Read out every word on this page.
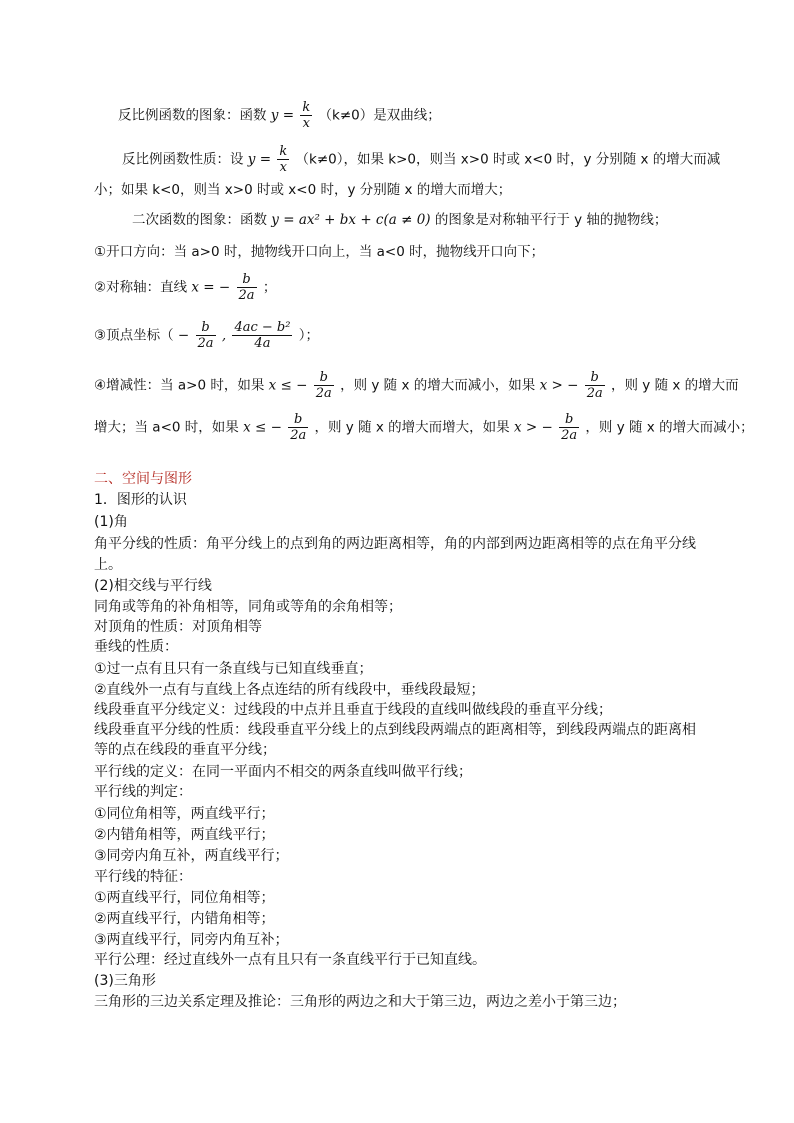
反比例函数的图象：函数 $y = \frac{k}{x} (k\ne 0)$是双曲线；
反比例函数性质：设 $y = \frac{k}{x} (k\ne 0)$，如果 k>0，则当 x>0 时或 x<0 时，y 分别随 x 的增大而减
小；如果 k<0，则当 x>0 时或 x<0 时，y 分别随 x 的增大而增大；
二次函数的图象：函数 y = ax² + bx + c(a ≠ 0) 的图象是对称轴平行于 y 轴的抛物线；
①开口方向：当 a>0 时，抛物线开口向上，当 a<0 时，抛物线开口向下；
②对称轴：直线 x = − $\frac{b}{2a}$ ；
③顶点坐标（ − $\frac{b}{2a}$ , $\frac{\text{4ac − b²}}{4a}$ ）；
④增减性：当 a>0 时，如果 x ≤ − $\frac{b}{2a}$ ，则 y 随 x 的增大而减小，如果 x > − $\frac{b}{2a}$ ，则 y 随 x 的增大而
增大；当 a<0 时，如果 x ≤ − $\frac{b}{2a}$ ，则 y 随 x 的增大而增大，如果 x > − $\frac{b}{2a}$ ，则 y 随 x 的增大而减小；
二、空间与图形
1．图形的认识
(1)角
角平分线的性质：角平分线上的点到角的两边距离相等，角的内部到两边距离相等的点在角平分线
上。
(2)相交线与平行线
同角或等角的补角相等，同角或等角的余角相等；
对顶角的性质：对顶角相等
垂线的性质：
①过一点有且只有一条直线与已知直线垂直；
②直线外一点有与直线上各点连结的所有线段中，垂线段最短；
线段垂直平分线定义：过线段的中点并且垂直于线段的直线叫做线段的垂直平分线；
线段垂直平分线的性质：线段垂直平分线上的点到线段两端点的距离相等，到线段两端点的距离相
等的点在线段的垂直平分线；
平行线的定义：在同一平面内不相交的两条直线叫做平行线；
平行线的判定：
①同位角相等，两直线平行；
②内错角相等，两直线平行；
③同旁内角互补，两直线平行；
平行线的特征：
①两直线平行，同位角相等；
②两直线平行，内错角相等；
③两直线平行，同旁内角互补；
平行公理：经过直线外一点有且只有一条直线平行于已知直线。
(3)三角形
三角形的三边关系定理及推论：三角形的两边之和大于第三边，两边之差小于第三边；
